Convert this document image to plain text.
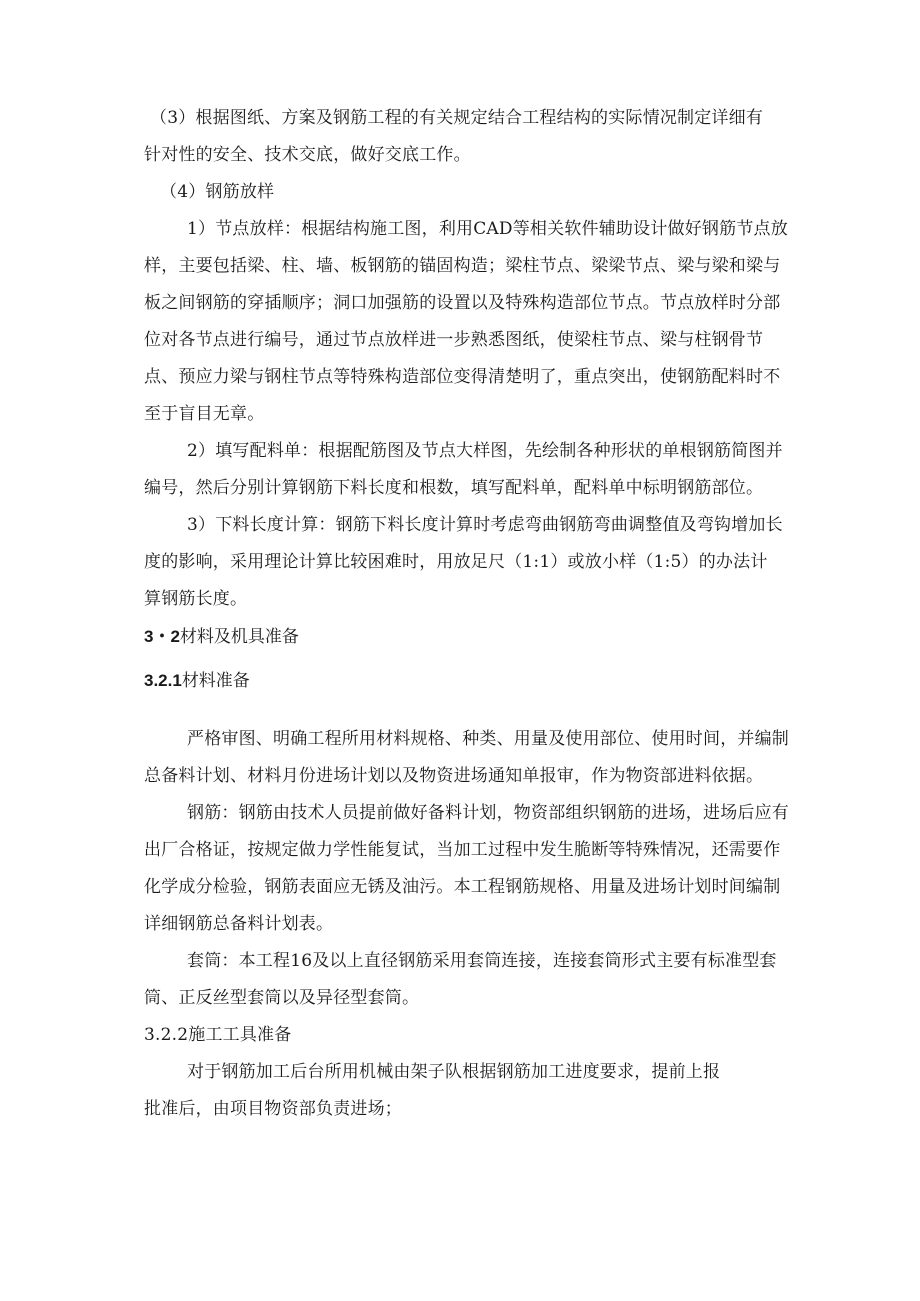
（3）根据图纸、方案及钢筋工程的有关规定结合工程结构的实际情况制定详细有
针对性的安全、技术交底，做好交底工作。
（4）钢筋放样
1）节点放样：根据结构施工图，利用CAD等相关软件辅助设计做好钢筋节点放
样，主要包括梁、柱、墙、板钢筋的锚固构造；梁柱节点、梁梁节点、梁与梁和梁与
板之间钢筋的穿插顺序；洞口加强筋的设置以及特殊构造部位节点。节点放样时分部
位对各节点进行编号，通过节点放样进一步熟悉图纸，使梁柱节点、梁与柱钢骨节
点、预应力梁与钢柱节点等特殊构造部位变得清楚明了，重点突出，使钢筋配料时不
至于盲目无章。
2）填写配料单：根据配筋图及节点大样图，先绘制各种形状的单根钢筋简图并
编号，然后分别计算钢筋下料长度和根数，填写配料单，配料单中标明钢筋部位。
3）下料长度计算：钢筋下料长度计算时考虑弯曲钢筋弯曲调整值及弯钩增加长
度的影响，采用理论计算比较困难时，用放足尺（1:1）或放小样（1:5）的办法计
算钢筋长度。
3・2材料及机具准备
3.2.1材料准备
严格审图、明确工程所用材料规格、种类、用量及使用部位、使用时间，并编制
总备料计划、材料月份进场计划以及物资进场通知单报审，作为物资部进料依据。
钢筋：钢筋由技术人员提前做好备料计划，物资部组织钢筋的进场，进场后应有
出厂合格证，按规定做力学性能复试，当加工过程中发生脆断等特殊情况，还需要作
化学成分检验，钢筋表面应无锈及油污。本工程钢筋规格、用量及进场计划时间编制
详细钢筋总备料计划表。
套筒：本工程16及以上直径钢筋采用套筒连接，连接套筒形式主要有标准型套
筒、正反丝型套筒以及异径型套筒。
3.2.2施工工具准备
对于钢筋加工后台所用机械由架子队根据钢筋加工进度要求，提前上报
批准后，由项目物资部负责进场；
